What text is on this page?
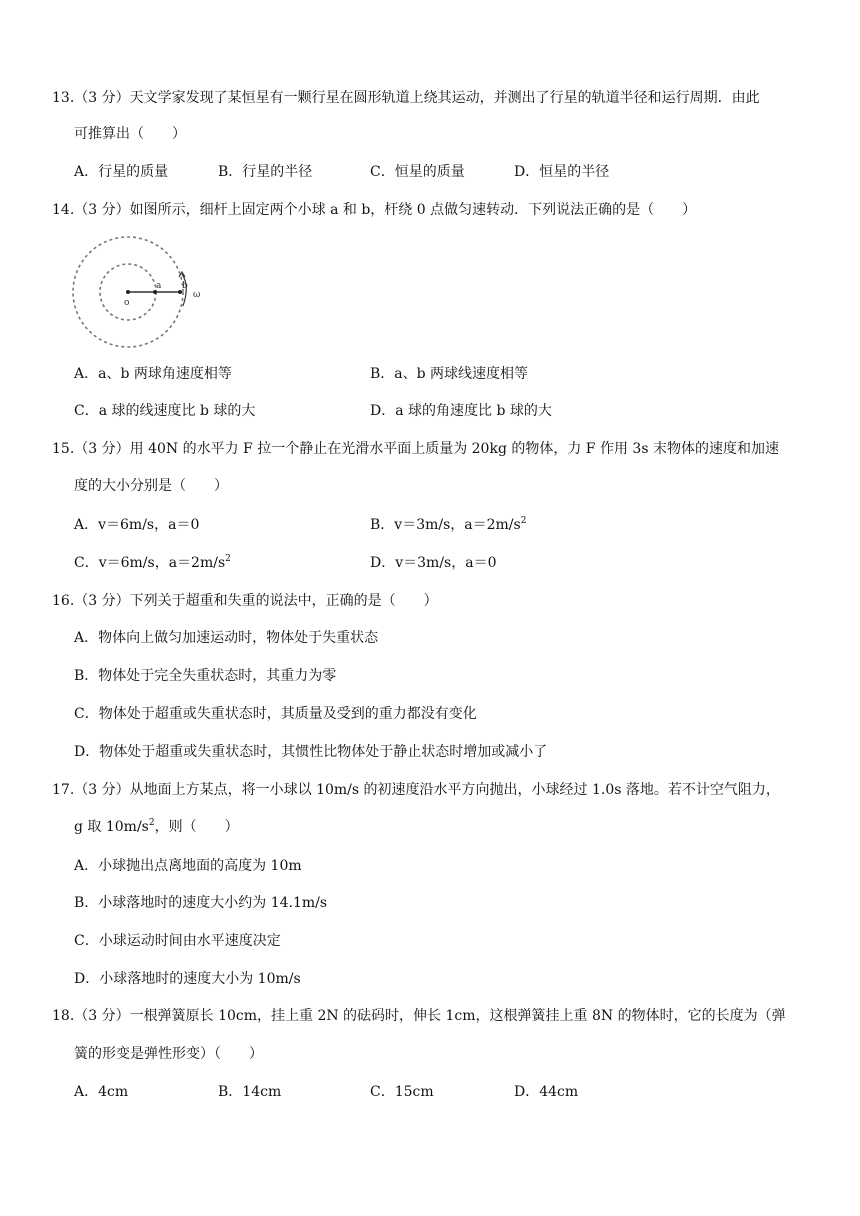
13.（3 分）天文学家发现了某恒星有一颗行星在圆形轨道上绕其运动，并测出了行星的轨道半径和运行周期．由此
可推算出（　　）
A．行星的质量	B．行星的半径	C．恒星的质量	D．恒星的半径
14.（3 分）如图所示，细杆上固定两个小球 a 和 b，杆绕 0 点做匀速转动．下列说法正确的是（　　）
o
a b
ω
A．a、b 两球角速度相等	B．a、b 两球线速度相等
C．a 球的线速度比 b 球的大	D．a 球的角速度比 b 球的大
15.（3 分）用 40N 的水平力 F 拉一个静止在光滑水平面上质量为 20kg 的物体，力 F 作用 3s 末物体的速度和加速
度的大小分别是（　　）
A．v＝6m/s，a＝0	B．v＝3m/s，$a=2m/s^2$
C．v＝6m/s，$a=2m/s^2$	D．v＝3m/s，a＝0
16.（3 分）下列关于超重和失重的说法中，正确的是（　　）
A．物体向上做匀加速运动时，物体处于失重状态
B．物体处于完全失重状态时，其重力为零
C．物体处于超重或失重状态时，其质量及受到的重力都没有变化
D．物体处于超重或失重状态时，其惯性比物体处于静止状态时增加或减小了
17.（3 分）从地面上方某点，将一小球以 10m/s 的初速度沿水平方向抛出，小球经过 1.0s 落地。若不计空气阻力，
g 取 $10m/s^2$，则（　　）
A．小球抛出点离地面的高度为 10m
B．小球落地时的速度大小约为 14.1m/s
C．小球运动时间由水平速度决定
D．小球落地时的速度大小为 10m/s
18.（3 分）一根弹簧原长 10cm，挂上重 2N 的砝码时，伸长 1cm，这根弹簧挂上重 8N 的物体时，它的长度为（弹
簧的形变是弹性形变）（　　）
A．4cm	B．14cm	C．15cm	D．44cm
